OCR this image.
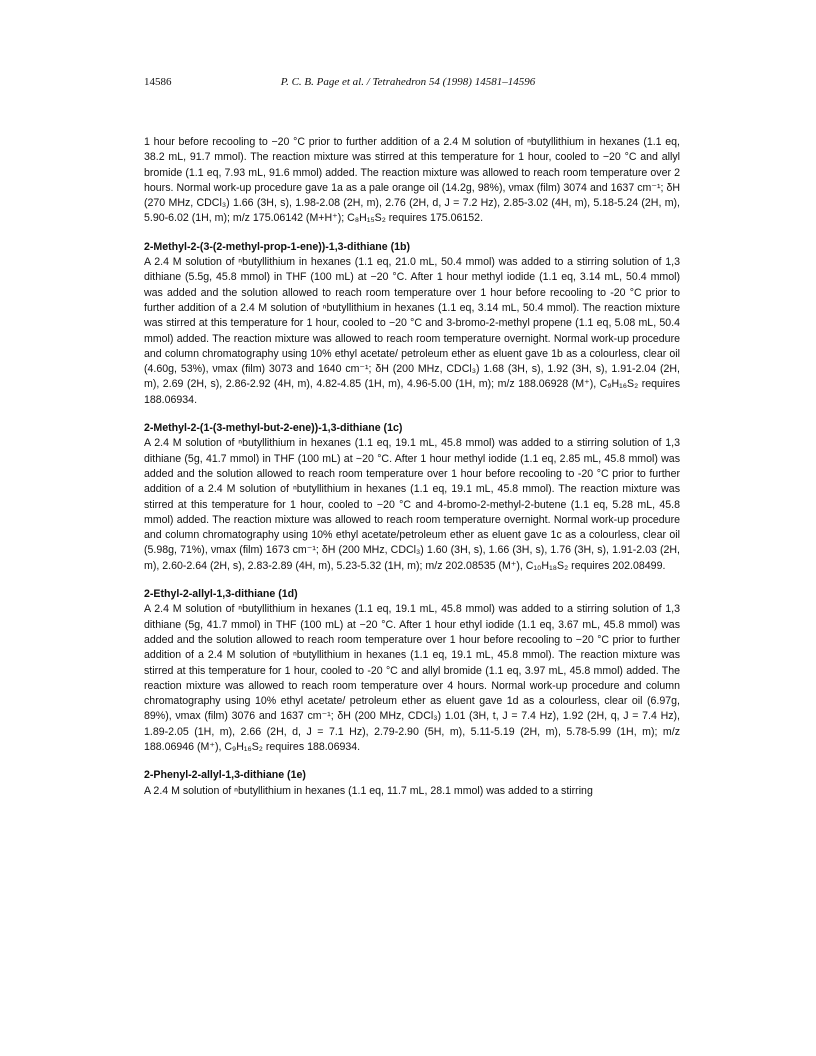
14586	P. C. B. Page et al. / Tetrahedron 54 (1998) 14581–14596

1 hour before recooling to −20 °C prior to further addition of a 2.4 M solution of ⁿbutyllithium in hexanes (1.1 eq, 38.2 mL, 91.7 mmol). The reaction mixture was stirred at this temperature for 1 hour, cooled to −20 °C and allyl bromide (1.1 eq, 7.93 mL, 91.6 mmol) added. The reaction mixture was allowed to reach room temperature over 2 hours. Normal work-up procedure gave 1a as a pale orange oil (14.2g, 98%), νmax (film) 3074 and 1637 cm⁻¹; δH (270 MHz, CDCl₃) 1.66 (3H, s), 1.98-2.08 (2H, m), 2.76 (2H, d, J = 7.2 Hz), 2.85-3.02 (4H, m), 5.18-5.24 (2H, m), 5.90-6.02 (1H, m); m/z 175.06142 (M+H⁺); C₈H₁₅S₂ requires 175.06152.

2-Methyl-2-(3-(2-methyl-prop-1-ene))-1,3-dithiane (1b)

A 2.4 M solution of ⁿbutyllithium in hexanes (1.1 eq, 21.0 mL, 50.4 mmol) was added to a stirring solution of 1,3 dithiane (5.5g, 45.8 mmol) in THF (100 mL) at −20 °C. After 1 hour methyl iodide (1.1 eq, 3.14 mL, 50.4 mmol) was added and the solution allowed to reach room temperature over 1 hour before recooling to -20 °C prior to further addition of a 2.4 M solution of ⁿbutyllithium in hexanes (1.1 eq, 3.14 mL, 50.4 mmol). The reaction mixture was stirred at this temperature for 1 hour, cooled to −20 °C and 3-bromo-2-methyl propene (1.1 eq, 5.08 mL, 50.4 mmol) added. The reaction mixture was allowed to reach room temperature overnight. Normal work-up procedure and column chromatography using 10% ethyl acetate/ petroleum ether as eluent gave 1b as a colourless, clear oil (4.60g, 53%), νmax (film) 3073 and 1640 cm⁻¹; δH (200 MHz, CDCl₃) 1.68 (3H, s), 1.92 (3H, s), 1.91-2.04 (2H, m), 2.69 (2H, s), 2.86-2.92 (4H, m), 4.82-4.85 (1H, m), 4.96-5.00 (1H, m); m/z 188.06928 (M⁺), C₉H₁₆S₂ requires 188.06934.

2-Methyl-2-(1-(3-methyl-but-2-ene))-1,3-dithiane (1c)

A 2.4 M solution of ⁿbutyllithium in hexanes (1.1 eq, 19.1 mL, 45.8 mmol) was added to a stirring solution of 1,3 dithiane (5g, 41.7 mmol) in THF (100 mL) at −20 °C. After 1 hour methyl iodide (1.1 eq, 2.85 mL, 45.8 mmol) was added and the solution allowed to reach room temperature over 1 hour before recooling to -20 °C prior to further addition of a 2.4 M solution of ⁿbutyllithium in hexanes (1.1 eq, 19.1 mL, 45.8 mmol). The reaction mixture was stirred at this temperature for 1 hour, cooled to −20 °C and 4-bromo-2-methyl-2-butene (1.1 eq, 5.28 mL, 45.8 mmol) added. The reaction mixture was allowed to reach room temperature overnight. Normal work-up procedure and column chromatography using 10% ethyl acetate/petroleum ether as eluent gave 1c as a colourless, clear oil (5.98g, 71%), νmax (film) 1673 cm⁻¹; δH (200 MHz, CDCl₃) 1.60 (3H, s), 1.66 (3H, s), 1.76 (3H, s), 1.91-2.03 (2H, m), 2.60-2.64 (2H, s), 2.83-2.89 (4H, m), 5.23-5.32 (1H, m); m/z 202.08535 (M⁺), C₁₀H₁₈S₂ requires 202.08499.

2-Ethyl-2-allyl-1,3-dithiane (1d)

A 2.4 M solution of ⁿbutyllithium in hexanes (1.1 eq, 19.1 mL, 45.8 mmol) was added to a stirring solution of 1,3 dithiane (5g, 41.7 mmol) in THF (100 mL) at −20 °C. After 1 hour ethyl iodide (1.1 eq, 3.67 mL, 45.8 mmol) was added and the solution allowed to reach room temperature over 1 hour before recooling to −20 °C prior to further addition of a 2.4 M solution of ⁿbutyllithium in hexanes (1.1 eq, 19.1 mL, 45.8 mmol). The reaction mixture was stirred at this temperature for 1 hour, cooled to -20 °C and allyl bromide (1.1 eq, 3.97 mL, 45.8 mmol) added. The reaction mixture was allowed to reach room temperature over 4 hours. Normal work-up procedure and column chromatography using 10% ethyl acetate/ petroleum ether as eluent gave 1d as a colourless, clear oil (6.97g, 89%), νmax (film) 3076 and 1637 cm⁻¹; δH (200 MHz, CDCl₃) 1.01 (3H, t, J = 7.4 Hz), 1.92 (2H, q, J = 7.4 Hz), 1.89-2.05 (1H, m), 2.66 (2H, d, J = 7.1 Hz), 2.79-2.90 (5H, m), 5.11-5.19 (2H, m), 5.78-5.99 (1H, m); m/z 188.06946 (M⁺), C₉H₁₆S₂ requires 188.06934.

2-Phenyl-2-allyl-1,3-dithiane (1e)

A 2.4 M solution of ⁿbutyllithium in hexanes (1.1 eq, 11.7 mL, 28.1 mmol) was added to a stirring
